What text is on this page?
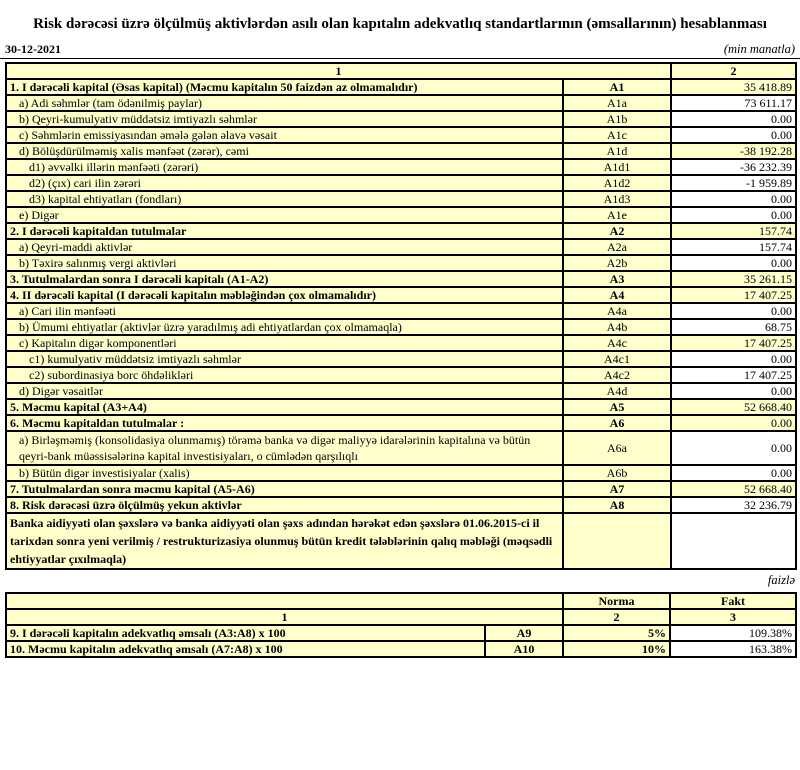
Risk dərəcəsi üzrə ölçülmüş aktivlərdən asılı olan kapıtalın adekvatlıq standartlarının (əmsallarının) hesablanması
30-12-2021	(min manatla)
1		2
1. I dərəcəli kapital (Əsas kapital) (Məcmu kapitalın 50 faizdən az olmamalıdır)	A1	35 418.89
a) Adi səhmlər (tam ödənilmiş paylar)	A1a	73 611.17
b) Qeyri-kumulyativ müddətsiz imtiyazlı səhmlər	A1b	0.00
c) Səhmlərin emissiyasından əmələ gələn əlavə vəsait	A1c	0.00
d) Bölüşdürülməmiş xalis mənfəət (zərər), cəmi	A1d	-38 192.28
d1) əvvəlki illərin mənfəəti (zərəri)	A1d1	-36 232.39
d2) (çıx) cari ilin zərəri	A1d2	-1 959.89
d3) kapital ehtiyatları (fondları)	A1d3	0.00
e) Digər	A1e	0.00
2. I dərəcəli kapitaldan tutulmalar	A2	157.74
a) Qeyri-maddi aktivlər	A2a	157.74
b) Təxirə salınmış vergi aktivləri	A2b	0.00
3. Tutulmalardan sonra I dərəcəli kapitalı (A1-A2)	A3	35 261.15
4. II dərəcəli kapital (I dərəcəli kapitalın məbləğindən çox olmamalıdır)	A4	17 407.25
a) Cari ilin mənfəəti	A4a	0.00
b) Ümumi ehtiyatlar (aktivlər üzrə yaradılmış adi ehtiyatlardan çox olmamaqla)	A4b	68.75
c) Kapitalın digər komponentləri	A4c	17 407.25
c1) kumulyativ müddətsiz imtiyazlı səhmlər	A4c1	0.00
c2) subordinasiya borc öhdəlikləri	A4c2	17 407.25
d) Digər vəsaitlər	A4d	0.00
5. Məcmu kapital (A3+A4)	A5	52 668.40
6. Məcmu kapitaldan tutulmalar :	A6	0.00
a) Birləşməmiş (konsolidasiya olunmamış) törəmə banka və digər maliyyə idarələrinin kapitalına və bütün qeyri-bank müəssisələrinə kapital investisiyaları, o cümlədən qarşılıqlı	A6a	0.00
b) Bütün digər investisiyalar (xalis)	A6b	0.00
7. Tutulmalardan sonra məcmu kapital (A5-A6)	A7	52 668.40
8. Risk dərəcəsi üzrə ölçülmüş yekun aktivlər	A8	32 236.79
Banka aidiyyəti olan şəxslərə və banka aidiyyəti olan şəxs adından hərəkət edən şəxslərə 01.06.2015-ci il tarixdən sonra yeni verilmiş / restrukturizasiya olunmuş bütün kredit tələblərinin qalıq məbləği (məqsədli ehtiyyatlar çıxılmaqla)		
faizlə
		Norma	Fakt
1		2	3
9. I dərəcəli kapitalın adekvatlıq əmsalı (A3:A8) x 100	A9	5%	109.38%
10. Məcmu kapitalın adekvatlıq əmsalı (A7:A8) x 100	A10	10%	163.38%
